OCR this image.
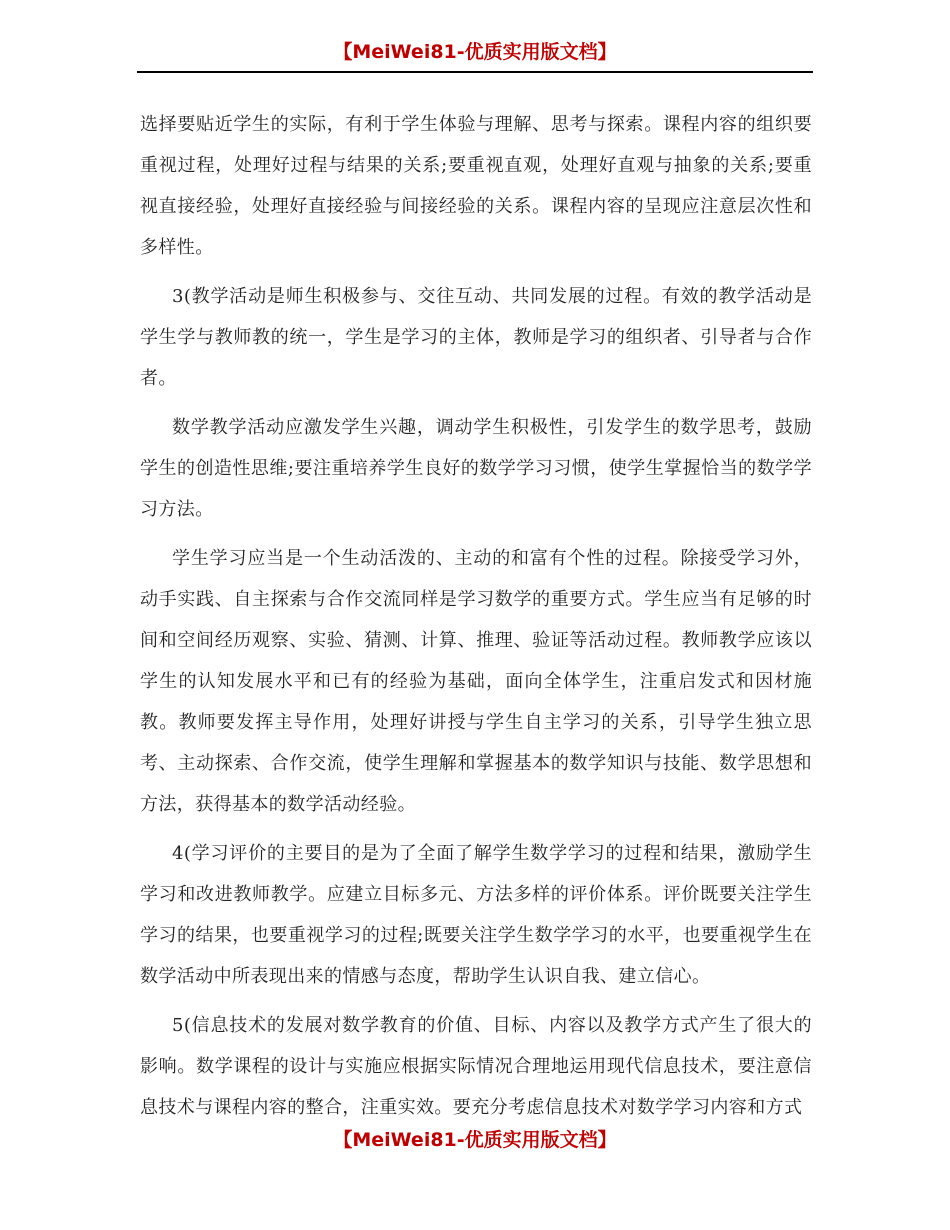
【MeiWei81-优质实用版文档】

选择要贴近学生的实际，有利于学生体验与理解、思考与探索。课程内容的组织要重视过程，处理好过程与结果的关系;要重视直观，处理好直观与抽象的关系;要重视直接经验，处理好直接经验与间接经验的关系。课程内容的呈现应注意层次性和多样性。

3(教学活动是师生积极参与、交往互动、共同发展的过程。有效的教学活动是学生学与教师教的统一，学生是学习的主体，教师是学习的组织者、引导者与合作者。

数学教学活动应激发学生兴趣，调动学生积极性，引发学生的数学思考，鼓励学生的创造性思维;要注重培养学生良好的数学学习习惯，使学生掌握恰当的数学学习方法。

学生学习应当是一个生动活泼的、主动的和富有个性的过程。除接受学习外，动手实践、自主探索与合作交流同样是学习数学的重要方式。学生应当有足够的时间和空间经历观察、实验、猜测、计算、推理、验证等活动过程。教师教学应该以学生的认知发展水平和已有的经验为基础，面向全体学生，注重启发式和因材施教。教师要发挥主导作用，处理好讲授与学生自主学习的关系，引导学生独立思考、主动探索、合作交流，使学生理解和掌握基本的数学知识与技能、数学思想和方法，获得基本的数学活动经验。

4(学习评价的主要目的是为了全面了解学生数学学习的过程和结果，激励学生学习和改进教师教学。应建立目标多元、方法多样的评价体系。评价既要关注学生学习的结果，也要重视学习的过程;既要关注学生数学学习的水平，也要重视学生在数学活动中所表现出来的情感与态度，帮助学生认识自我、建立信心。

5(信息技术的发展对数学教育的价值、目标、内容以及教学方式产生了很大的影响。数学课程的设计与实施应根据实际情况合理地运用现代信息技术，要注意信息技术与课程内容的整合，注重实效。要充分考虑信息技术对数学学习内容和方式

【MeiWei81-优质实用版文档】
